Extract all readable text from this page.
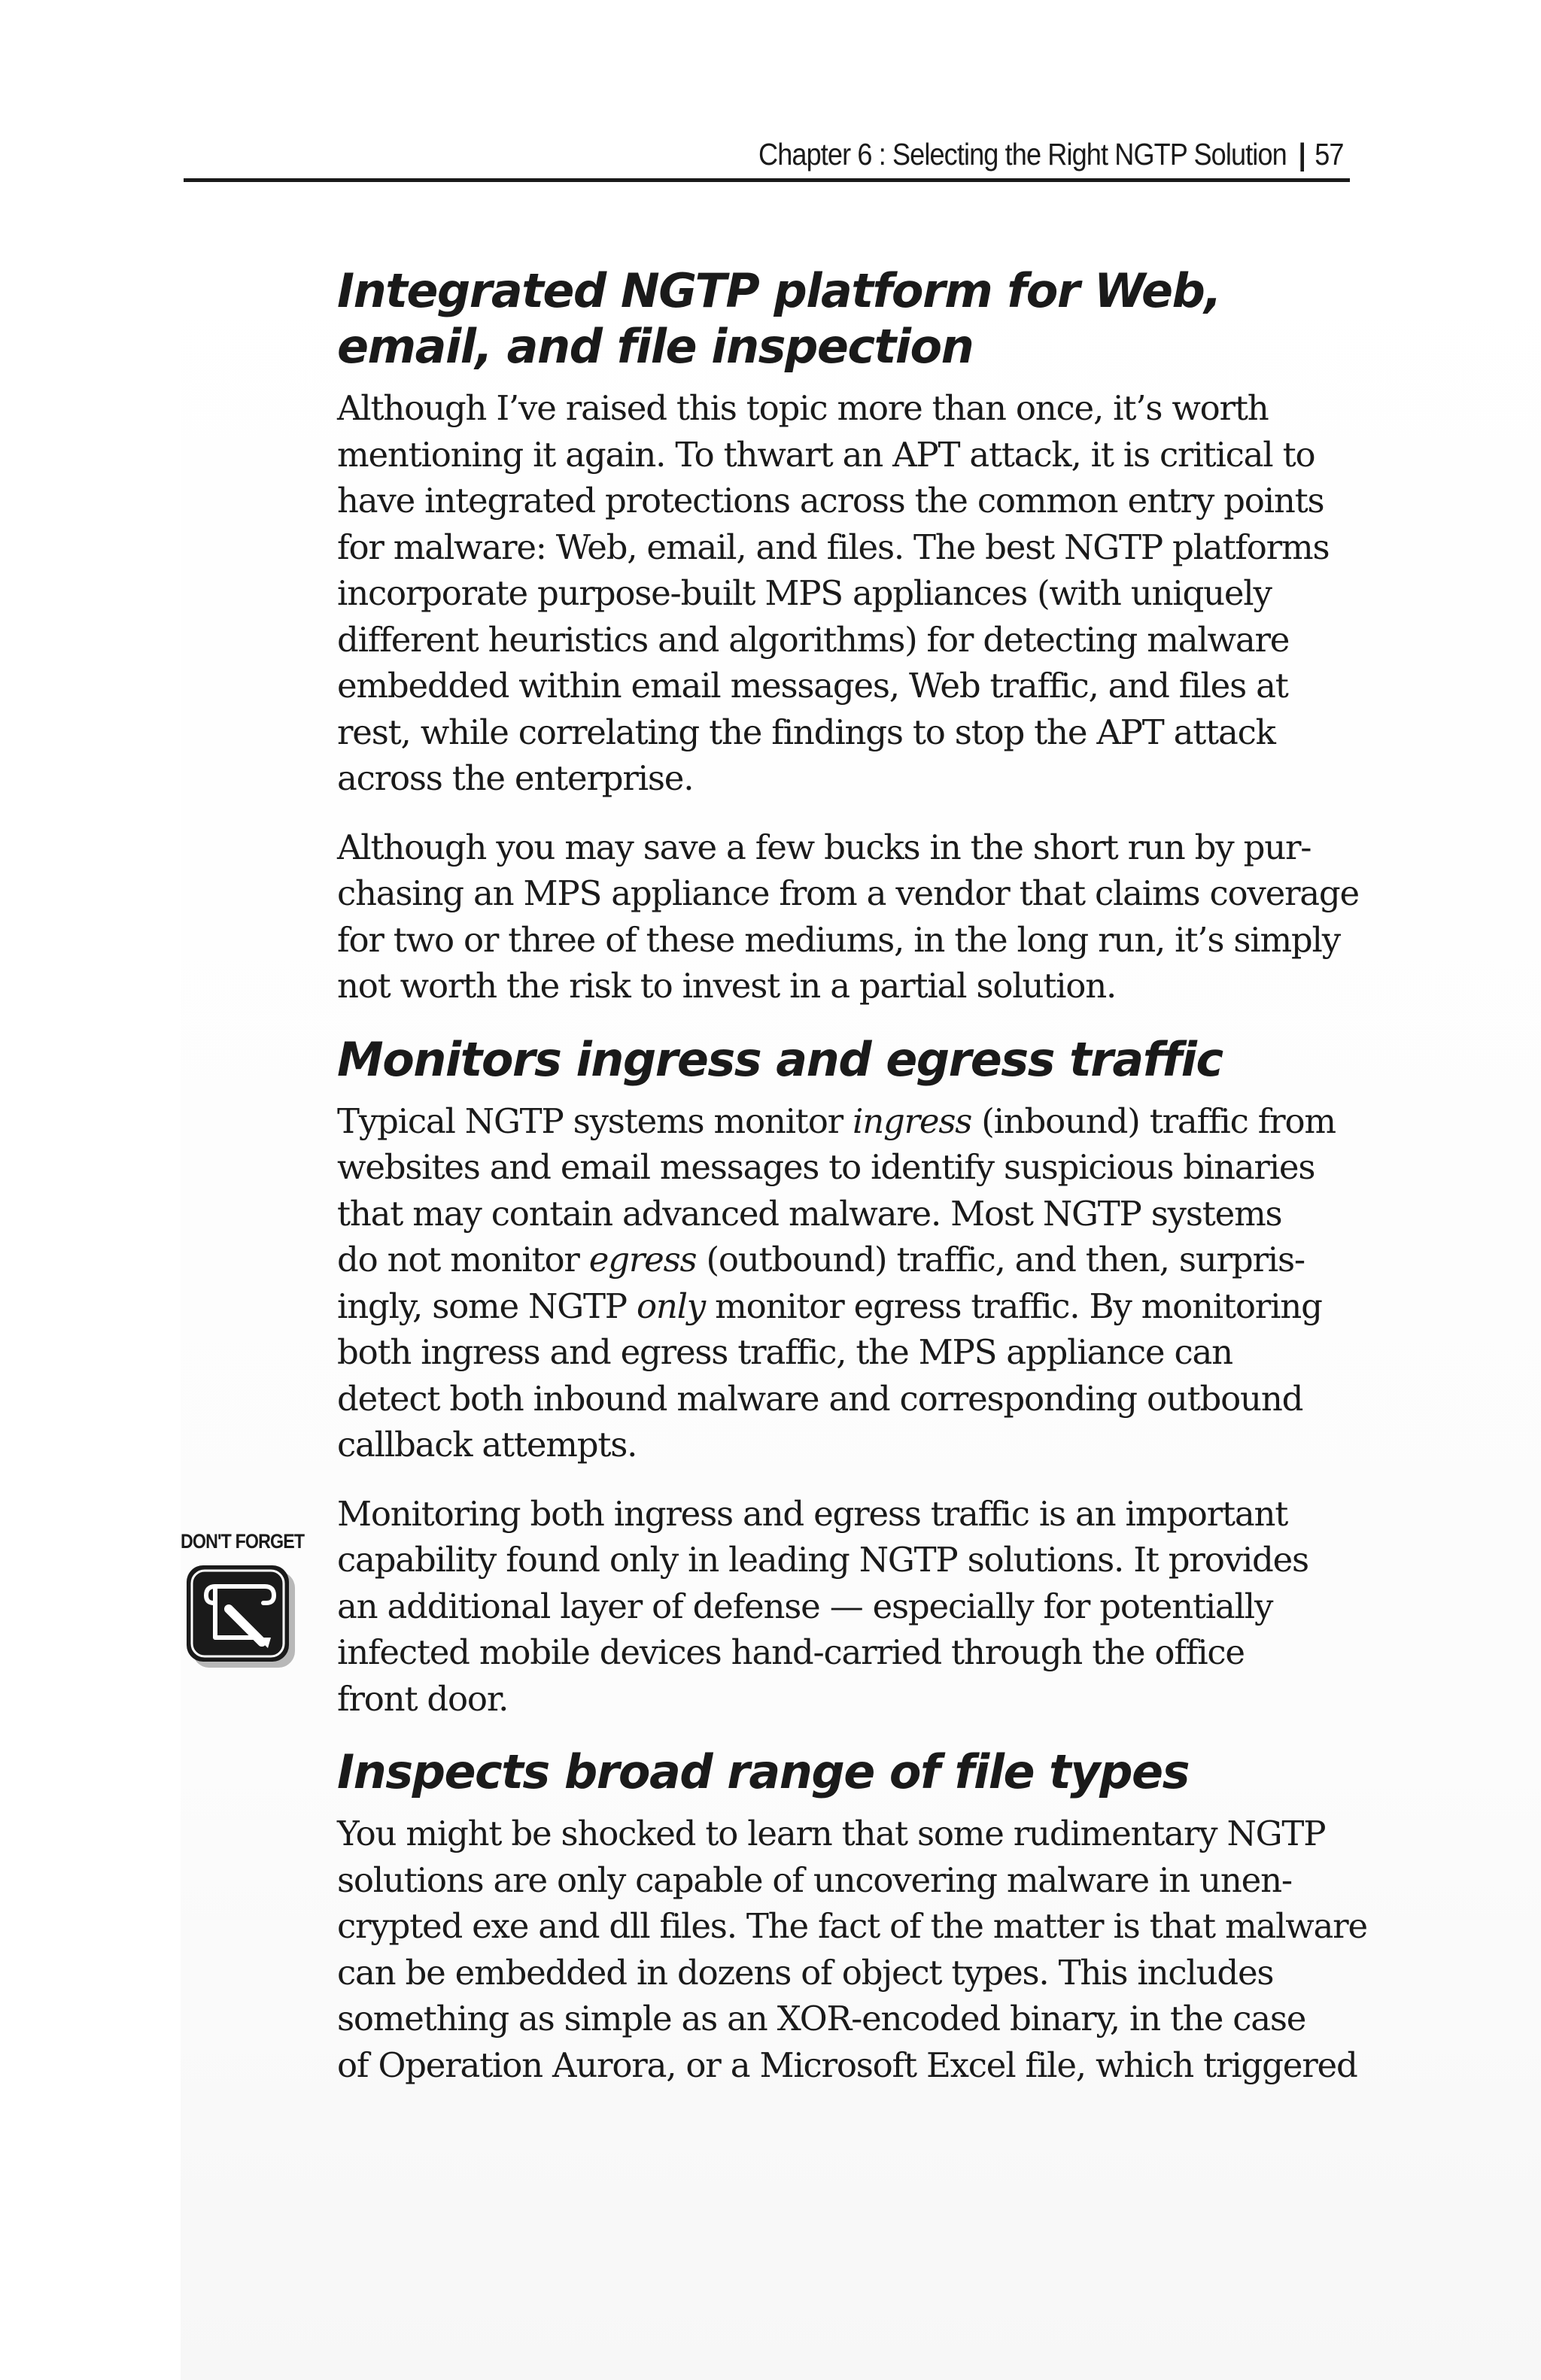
Chapter 6 : Selecting the Right NGTP Solution | 57
Integrated NGTP platform for Web,
email, and file inspection

Although I’ve raised this topic more than once, it’s worth
mentioning it again. To thwart an APT attack, it is critical to
have integrated protections across the common entry points
for malware: Web, email, and files. The best NGTP platforms
incorporate purpose-built MPS appliances (with uniquely
different heuristics and algorithms) for detecting malware
embedded within email messages, Web traffic, and files at
rest, while correlating the findings to stop the APT attack
across the enterprise.

Although you may save a few bucks in the short run by pur-
chasing an MPS appliance from a vendor that claims coverage
for two or three of these mediums, in the long run, it’s simply
not worth the risk to invest in a partial solution.

Monitors ingress and egress traffic

Typical NGTP systems monitor ingress (inbound) traffic from
websites and email messages to identify suspicious binaries
that may contain advanced malware. Most NGTP systems
do not monitor egress (outbound) traffic, and then, surpris-
ingly, some NGTP only monitor egress traffic. By monitoring
both ingress and egress traffic, the MPS appliance can
detect both inbound malware and corresponding outbound
callback attempts.

Monitoring both ingress and egress traffic is an important
capability found only in leading NGTP solutions. It provides
an additional layer of defense — especially for potentially
infected mobile devices hand-carried through the office
front door.

Inspects broad range of file types

You might be shocked to learn that some rudimentary NGTP
solutions are only capable of uncovering malware in unen-
crypted exe and dll files. The fact of the matter is that malware
can be embedded in dozens of object types. This includes
something as simple as an XOR-encoded binary, in the case
of Operation Aurora, or a Microsoft Excel file, which triggered

DON'T FORGET
